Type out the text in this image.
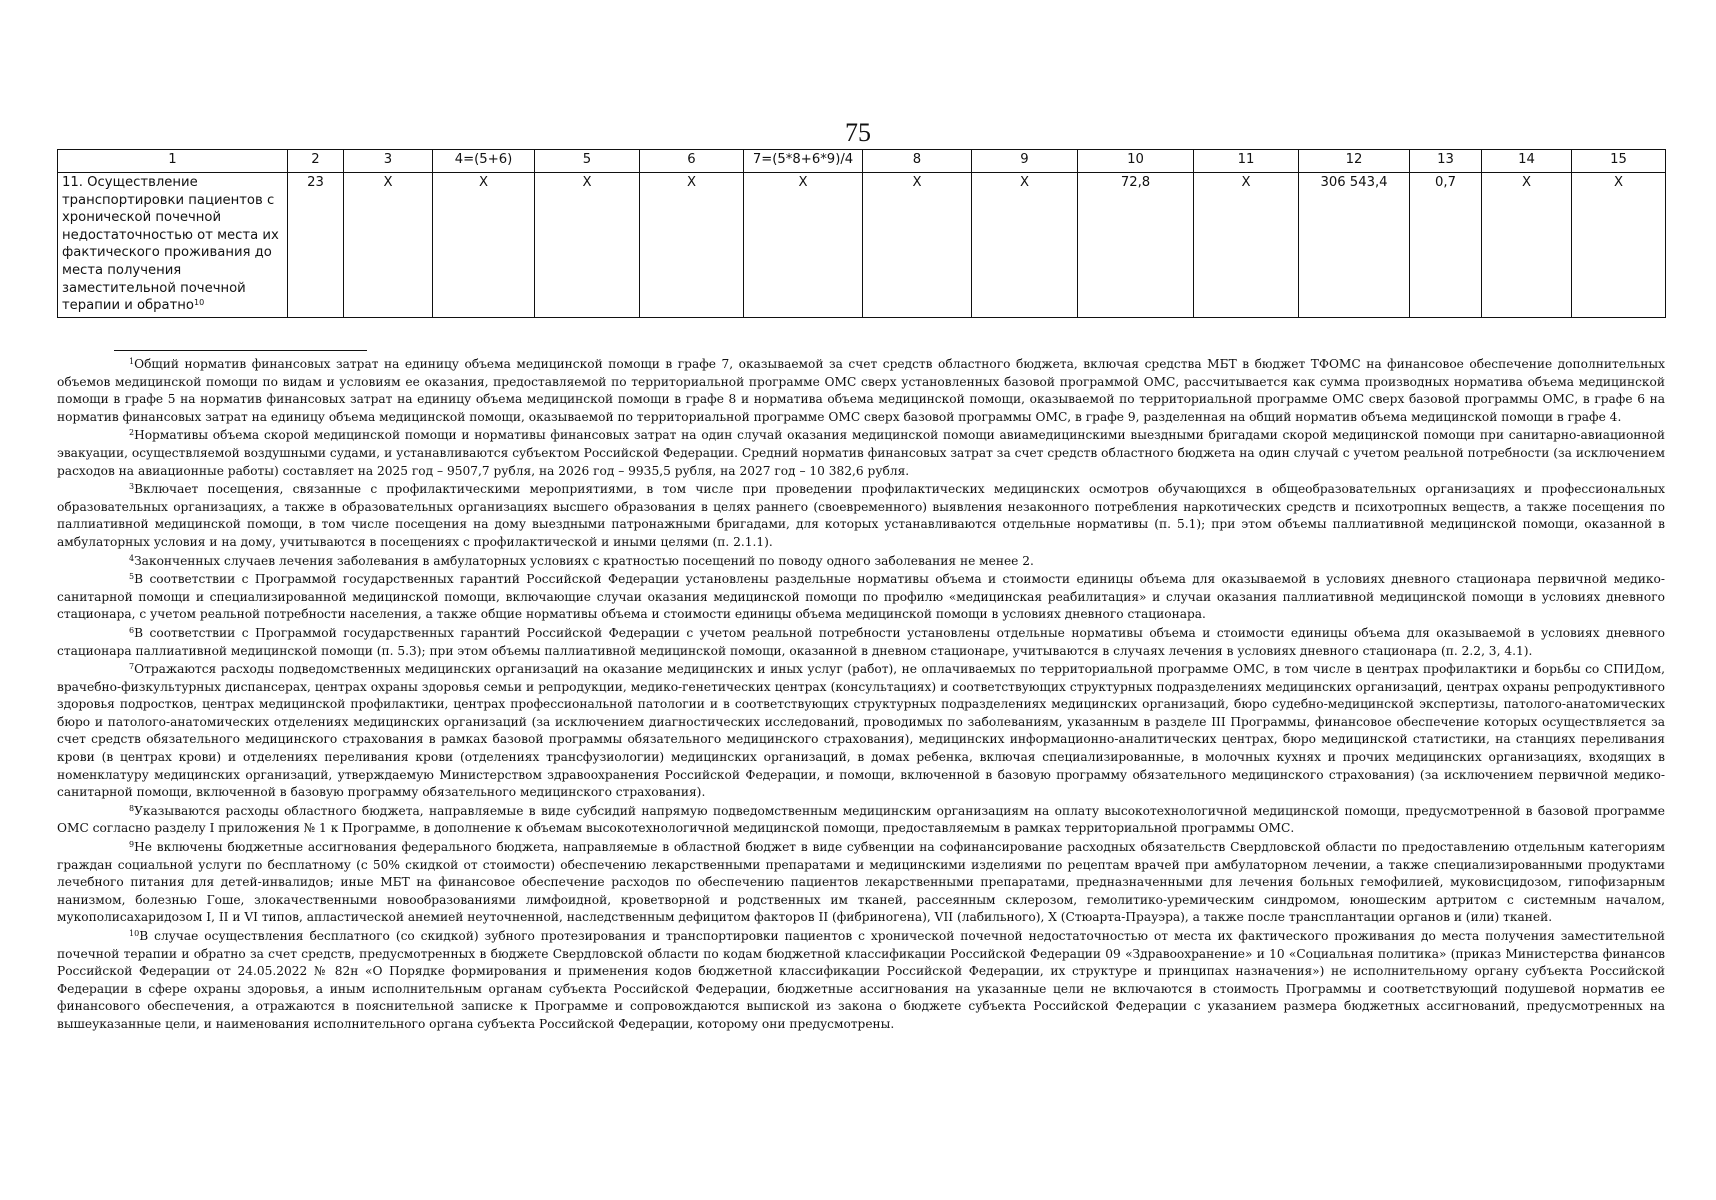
75
1	2	3	4=(5+6)	5	6	7=(5*8+6*9)/4	8	9	10	11	12	13	14	15
11. Осуществление транспортировки пациентов с хронической почечной недостаточностью от места их фактического проживания до места получения заместительной почечной терапии и обратно$^{10}$	23	X	X	X	X	X	X	X	72,8	X	306 543,4	0,7	X	X

$^1$Общий норматив финансовых затрат на единицу объема медицинской помощи в графе 7, оказываемой за счет средств областного бюджета, включая средства МБТ в бюджет ТФОМС на финансовое обеспечение дополнительных объемов медицинской помощи по видам и условиям ее оказания, предоставляемой по территориальной программе ОМС сверх установленных базовой программой ОМС, рассчитывается как сумма производных норматива объема медицинской помощи в графе 5 на норматив финансовых затрат на единицу объема медицинской помощи в графе 8 и норматива объема медицинской помощи, оказываемой по территориальной программе ОМС сверх базовой программы ОМС, в графе 6 на норматив финансовых затрат на единицу объема медицинской помощи, оказываемой по территориальной программе ОМС сверх базовой программы ОМС, в графе 9, разделенная на общий норматив объема медицинской помощи в графе 4.

$^2$Нормативы объема скорой медицинской помощи и нормативы финансовых затрат на один случай оказания медицинской помощи авиамедицинскими выездными бригадами скорой медицинской помощи при санитарно-авиационной эвакуации, осуществляемой воздушными судами, и устанавливаются субъектом Российской Федерации. Средний норматив финансовых затрат за счет средств областного бюджета на один случай с учетом реальной потребности (за исключением расходов на авиационные работы) составляет на 2025 год – 9507,7 рубля, на 2026 год – 9935,5 рубля, на 2027 год – 10 382,6 рубля.

$^3$Включает посещения, связанные с профилактическими мероприятиями, в том числе при проведении профилактических медицинских осмотров обучающихся в общеобразовательных организациях и профессиональных образовательных организациях, а также в образовательных организациях высшего образования в целях раннего (своевременного) выявления незаконного потребления наркотических средств и психотропных веществ, а также посещения по паллиативной медицинской помощи, в том числе посещения на дому выездными патронажными бригадами, для которых устанавливаются отдельные нормативы (п. 5.1); при этом объемы паллиативной медицинской помощи, оказанной в амбулаторных условия и на дому, учитываются в посещениях с профилактической и иными целями (п. 2.1.1).

$^4$Законченных случаев лечения заболевания в амбулаторных условиях с кратностью посещений по поводу одного заболевания не менее 2.

$^5$В соответствии с Программой государственных гарантий Российской Федерации установлены раздельные нормативы объема и стоимости единицы объема для оказываемой в условиях дневного стационара первичной медико-санитарной помощи и специализированной медицинской помощи, включающие случаи оказания медицинской помощи по профилю «медицинская реабилитация» и случаи оказания паллиативной медицинской помощи в условиях дневного стационара, с учетом реальной потребности населения, а также общие нормативы объема и стоимости единицы объема медицинской помощи в условиях дневного стационара.

$^6$В соответствии с Программой государственных гарантий Российской Федерации с учетом реальной потребности установлены отдельные нормативы объема и стоимости единицы объема для оказываемой в условиях дневного стационара паллиативной медицинской помощи (п. 5.3); при этом объемы паллиативной медицинской помощи, оказанной в дневном стационаре, учитываются в случаях лечения в условиях дневного стационара (п. 2.2, 3, 4.1).

$^7$Отражаются расходы подведомственных медицинских организаций на оказание медицинских и иных услуг (работ), не оплачиваемых по территориальной программе ОМС, в том числе в центрах профилактики и борьбы со СПИДом, врачебно-физкультурных диспансерах, центрах охраны здоровья семьи и репродукции, медико-генетических центрах (консультациях) и соответствующих структурных подразделениях медицинских организаций, центрах охраны репродуктивного здоровья подростков, центрах медицинской профилактики, центрах профессиональной патологии и в соответствующих структурных подразделениях медицинских организаций, бюро судебно-медицинской экспертизы, патолого-анатомических бюро и патолого-анатомических отделениях медицинских организаций (за исключением диагностических исследований, проводимых по заболеваниям, указанным в разделе III Программы, финансовое обеспечение которых осуществляется за счет средств обязательного медицинского страхования в рамках базовой программы обязательного медицинского страхования), медицинских информационно-аналитических центрах, бюро медицинской статистики, на станциях переливания крови (в центрах крови) и отделениях переливания крови (отделениях трансфузиологии) медицинских организаций, в домах ребенка, включая специализированные, в молочных кухнях и прочих медицинских организациях, входящих в номенклатуру медицинских организаций, утверждаемую Министерством здравоохранения Российской Федерации, и помощи, включенной в базовую программу обязательного медицинского страхования) (за исключением первичной медико-санитарной помощи, включенной в базовую программу обязательного медицинского страхования).

$^8$Указываются расходы областного бюджета, направляемые в виде субсидий напрямую подведомственным медицинским организациям на оплату высокотехнологичной медицинской помощи, предусмотренной в базовой программе ОМС согласно разделу I приложения № 1 к Программе, в дополнение к объемам высокотехнологичной медицинской помощи, предоставляемым в рамках территориальной программы ОМС.

$^9$Не включены бюджетные ассигнования федерального бюджета, направляемые в областной бюджет в виде субвенции на софинансирование расходных обязательств Свердловской области по предоставлению отдельным категориям граждан социальной услуги по бесплатному (с 50% скидкой от стоимости) обеспечению лекарственными препаратами и медицинскими изделиями по рецептам врачей при амбулаторном лечении, а также специализированными продуктами лечебного питания для детей-инвалидов; иные МБТ на финансовое обеспечение расходов по обеспечению пациентов лекарственными препаратами, предназначенными для лечения больных гемофилией, муковисцидозом, гипофизарным нанизмом, болезнью Гоше, злокачественными новообразованиями лимфоидной, кроветворной и родственных им тканей, рассеянным склерозом, гемолитико-уремическим синдромом, юношеским артритом с системным началом, мукополисахаридозом I, II и VI типов, апластической анемией неуточненной, наследственным дефицитом факторов II (фибриногена), VII (лабильного), X (Стюарта-Прауэра), а также после трансплантации органов и (или) тканей.

$^{10}$В случае осуществления бесплатного (со скидкой) зубного протезирования и транспортировки пациентов с хронической почечной недостаточностью от места их фактического проживания до места получения заместительной почечной терапии и обратно за счет средств, предусмотренных в бюджете Свердловской области по кодам бюджетной классификации Российской Федерации 09 «Здравоохранение» и 10 «Социальная политика» (приказ Министерства финансов Российской Федерации от 24.05.2022 № 82н «О Порядке формирования и применения кодов бюджетной классификации Российской Федерации, их структуре и принципах назначения») не исполнительному органу субъекта Российской Федерации в сфере охраны здоровья, а иным исполнительным органам субъекта Российской Федерации, бюджетные ассигнования на указанные цели не включаются в стоимость Программы и соответствующий подушевой норматив ее финансового обеспечения, а отражаются в пояснительной записке к Программе и сопровождаются выпиской из закона о бюджете субъекта Российской Федерации с указанием размера бюджетных ассигнований, предусмотренных на вышеуказанные цели, и наименования исполнительного органа субъекта Российской Федерации, которому они предусмотрены.
